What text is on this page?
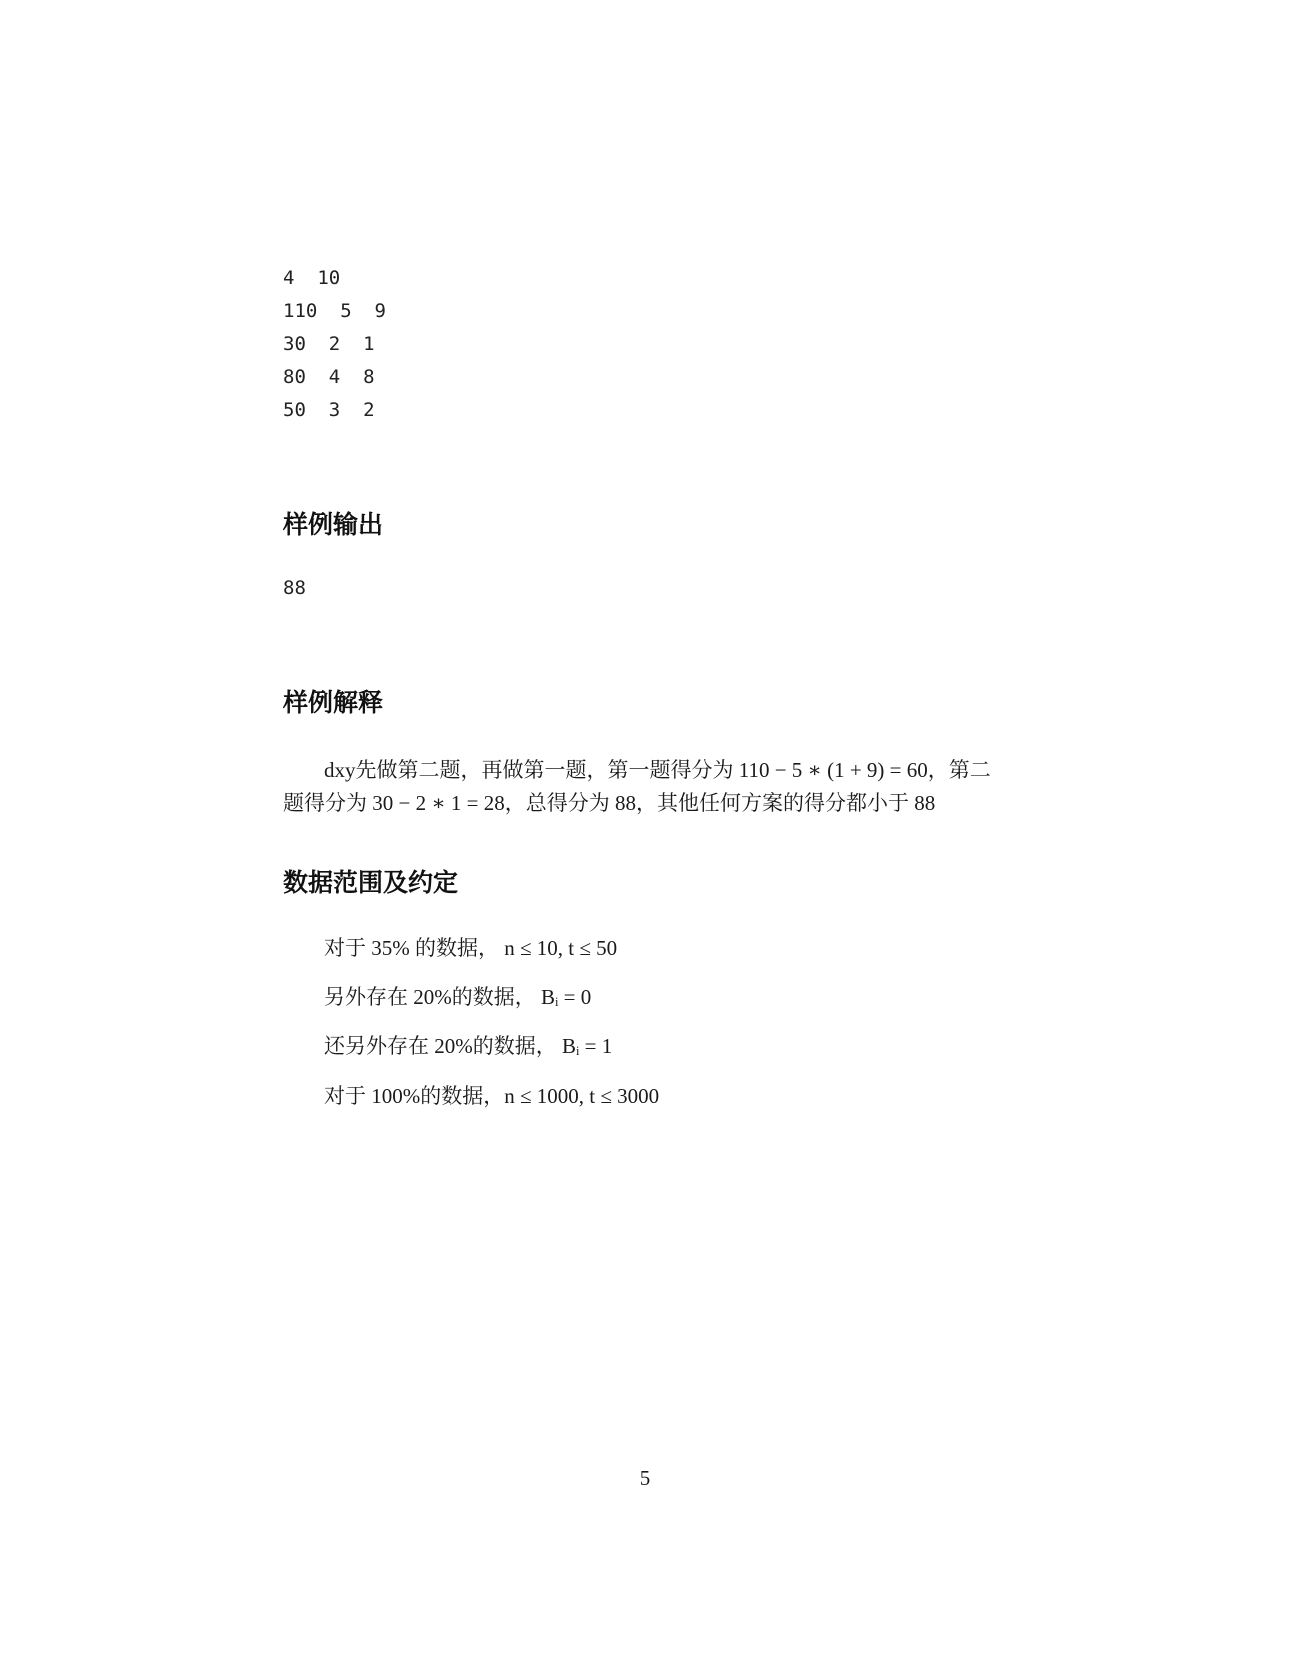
4  10
110  5  9
30  2  1
80  4  8
50  3  2
样例输出
88
样例解释
dxy先做第二题，再做第一题，第一题得分为 110 − 5 ∗ (1 + 9) = 60，第二
题得分为 30 − 2 ∗ 1 = 28，总得分为 88，其他任何方案的得分都小于 88
数据范围及约定
对于 35% 的数据， n ≤ 10, t ≤ 50
另外存在 20%的数据， Bᵢ = 0
还另外存在 20%的数据， Bᵢ = 1
对于 100%的数据，n ≤ 1000, t ≤ 3000
5
